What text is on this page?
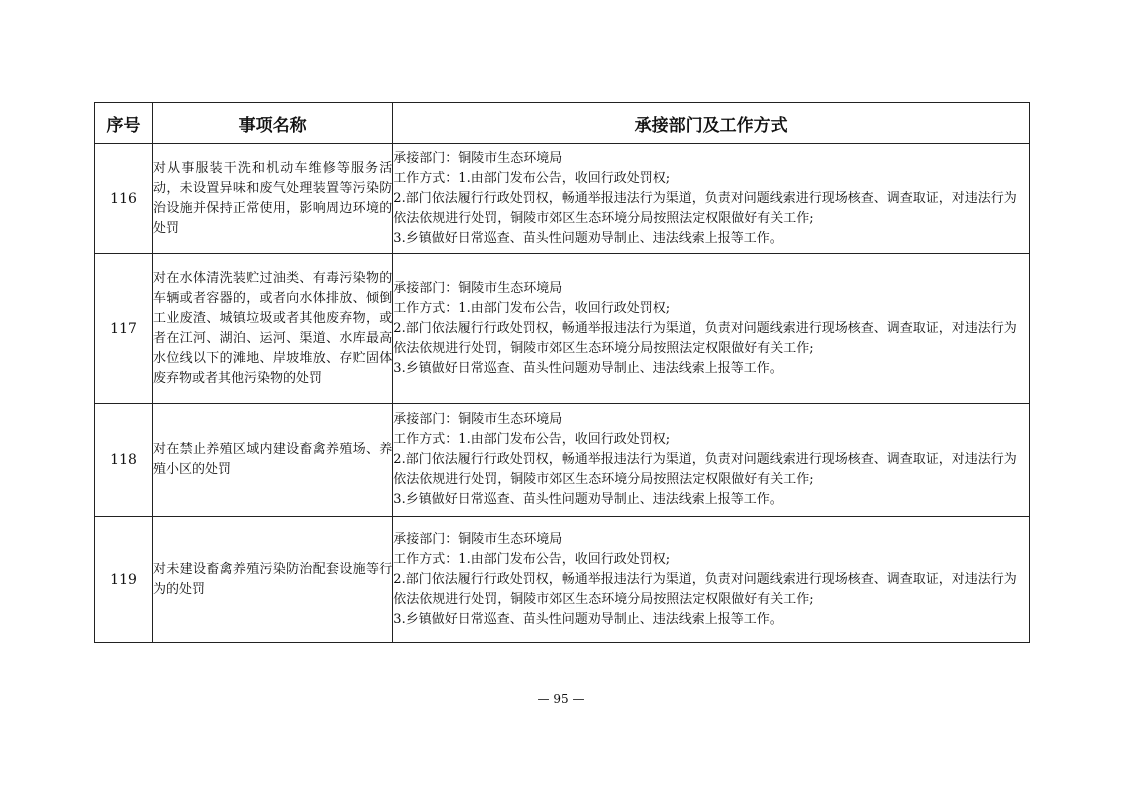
序号	事项名称	承接部门及工作方式
116	对从事服装干洗和机动车维修等服务活动，未设置异味和废气处理装置等污染防治设施并保持正常使用，影响周边环境的处罚	承接部门：铜陵市生态环境局
工作方式：1.由部门发布公告，收回行政处罚权;
2.部门依法履行行政处罚权，畅通举报违法行为渠道，负责对问题线索进行现场核查、调查取证，对违法行为依法依规进行处罚，铜陵市郊区生态环境分局按照法定权限做好有关工作;
3.乡镇做好日常巡查、苗头性问题劝导制止、违法线索上报等工作。

117	对在水体清洗装贮过油类、有毒污染物的车辆或者容器的，或者向水体排放、倾倒工业废渣、城镇垃圾或者其他废弃物，或者在江河、湖泊、运河、渠道、水库最高水位线以下的滩地、岸坡堆放、存贮固体废弃物或者其他污染物的处罚	承接部门：铜陵市生态环境局
工作方式：1.由部门发布公告，收回行政处罚权;
2.部门依法履行行政处罚权，畅通举报违法行为渠道，负责对问题线索进行现场核查、调查取证，对违法行为依法依规进行处罚，铜陵市郊区生态环境分局按照法定权限做好有关工作;
3.乡镇做好日常巡查、苗头性问题劝导制止、违法线索上报等工作。

118	对在禁止养殖区域内建设畜禽养殖场、养殖小区的处罚	承接部门：铜陵市生态环境局
工作方式：1.由部门发布公告，收回行政处罚权;
2.部门依法履行行政处罚权，畅通举报违法行为渠道，负责对问题线索进行现场核查、调查取证，对违法行为依法依规进行处罚，铜陵市郊区生态环境分局按照法定权限做好有关工作;
3.乡镇做好日常巡查、苗头性问题劝导制止、违法线索上报等工作。

119	对未建设畜禽养殖污染防治配套设施等行为的处罚	承接部门：铜陵市生态环境局
工作方式：1.由部门发布公告，收回行政处罚权;
2.部门依法履行行政处罚权，畅通举报违法行为渠道，负责对问题线索进行现场核查、调查取证，对违法行为依法依规进行处罚，铜陵市郊区生态环境分局按照法定权限做好有关工作;
3.乡镇做好日常巡查、苗头性问题劝导制止、违法线索上报等工作。
— 95 —
